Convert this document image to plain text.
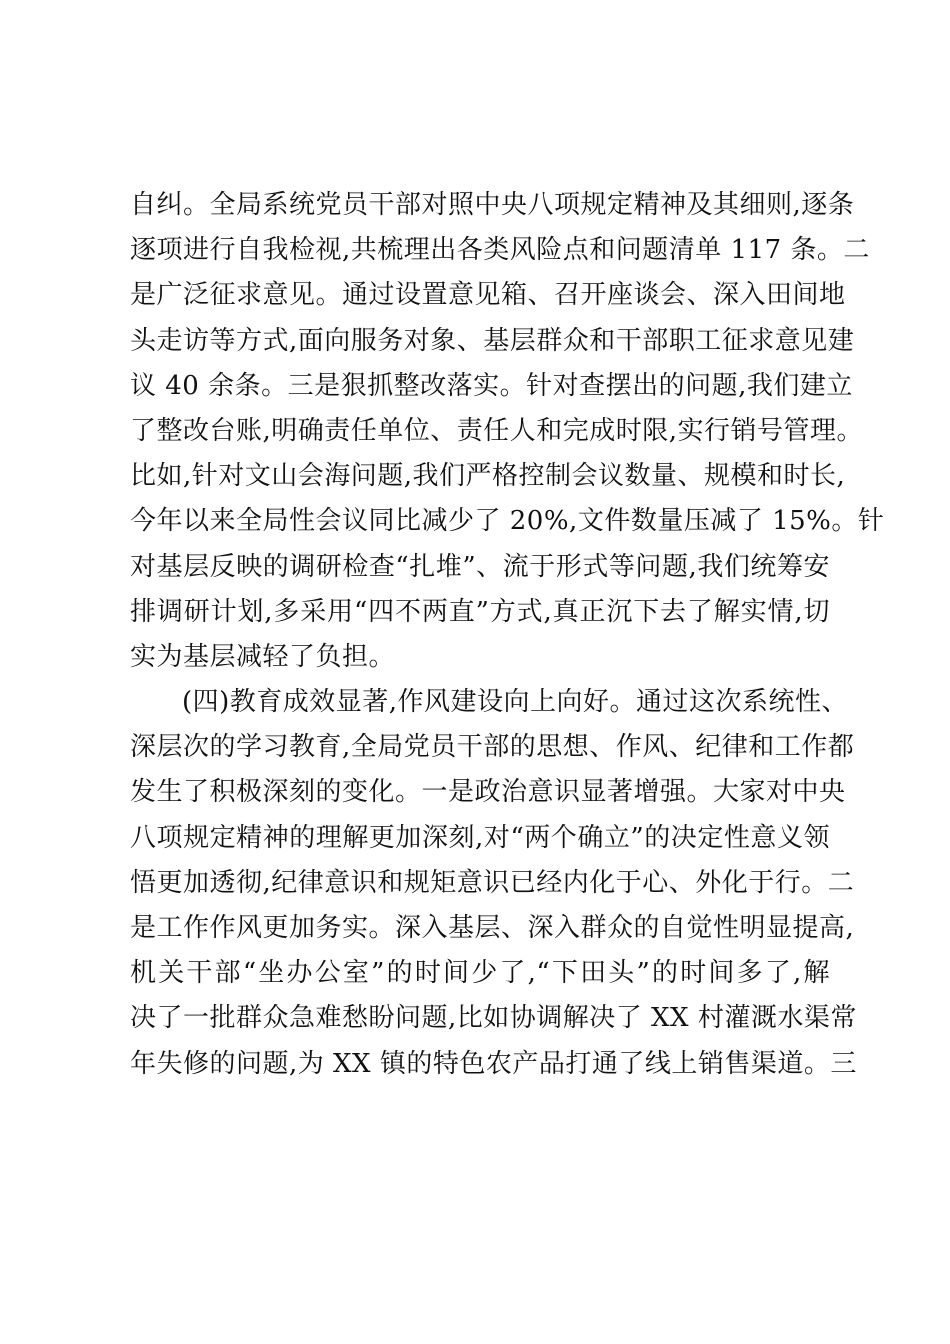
自纠。全局系统党员干部对照中央八项规定精神及其细则,逐条
逐项进行自我检视,共梳理出各类风险点和问题清单 117 条。二
是广泛征求意见。通过设置意见箱、召开座谈会、深入田间地
头走访等方式,面向服务对象、基层群众和干部职工征求意见建
议 40 余条。三是狠抓整改落实。针对查摆出的问题,我们建立
了整改台账,明确责任单位、责任人和完成时限,实行销号管理。
比如,针对文山会海问题,我们严格控制会议数量、规模和时长,
今年以来全局性会议同比减少了 20%,文件数量压减了 15%。针
对基层反映的调研检查“扎堆”、流于形式等问题,我们统筹安
排调研计划,多采用“四不两直”方式,真正沉下去了解实情,切
实为基层减轻了负担。
(四)教育成效显著,作风建设向上向好。通过这次系统性、
深层次的学习教育,全局党员干部的思想、作风、纪律和工作都
发生了积极深刻的变化。一是政治意识显著增强。大家对中央
八项规定精神的理解更加深刻,对“两个确立”的决定性意义领
悟更加透彻,纪律意识和规矩意识已经内化于心、外化于行。二
是工作作风更加务实。深入基层、深入群众的自觉性明显提高,
机关干部“坐办公室”的时间少了,“下田头”的时间多了,解
决了一批群众急难愁盼问题,比如协调解决了 XX 村灌溉水渠常
年失修的问题,为 XX 镇的特色农产品打通了线上销售渠道。三
